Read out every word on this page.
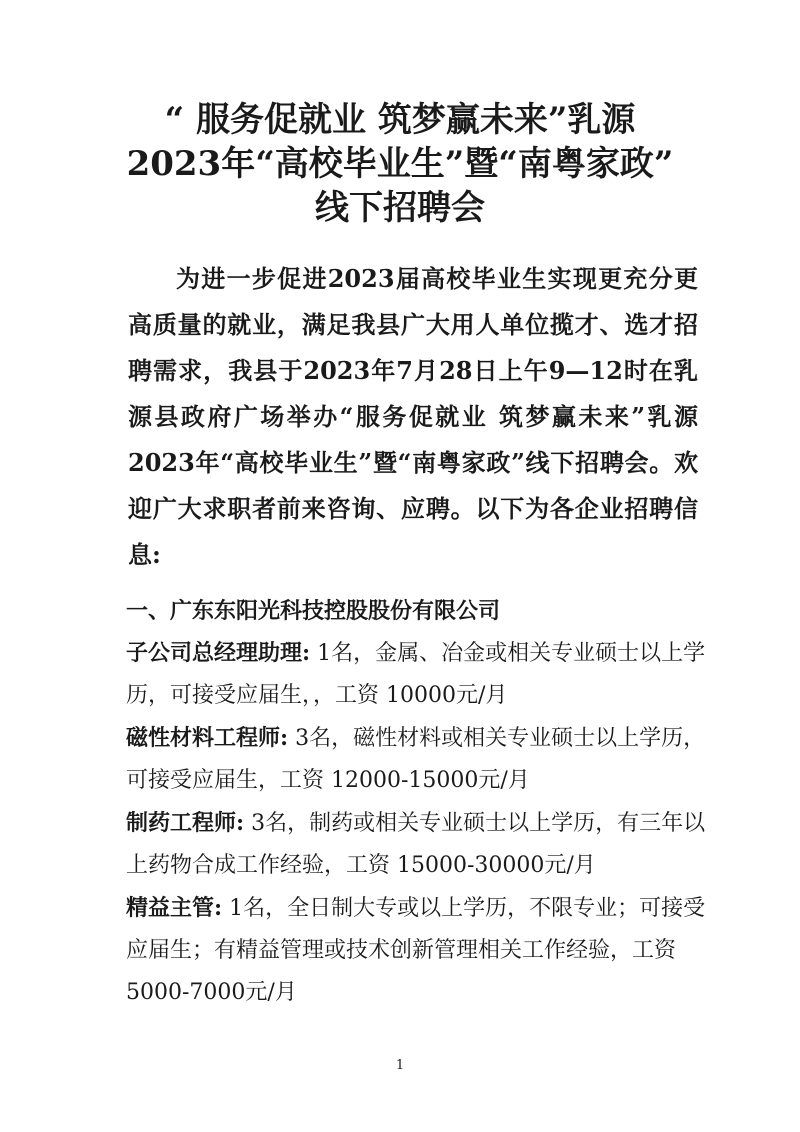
“ 服务促就业 筑梦赢未来”乳源
2023年“高校毕业生”暨“南粤家政”
线下招聘会

为进一步促进2023届高校毕业生实现更充分更高质量的就业，满足我县广大用人单位揽才、选才招聘需求，我县于2023年7月28日上午9—12时在乳源县政府广场举办“服务促就业 筑梦赢未来”乳源2023年“高校毕业生”暨“南粤家政”线下招聘会。欢迎广大求职者前来咨询、应聘。以下为各企业招聘信息:

一、广东东阳光科技控股股份有限公司
子公司总经理助理: 1名，金属、冶金或相关专业硕士以上学历，可接受应届生，，工资 10000元/月
磁性材料工程师: 3名，磁性材料或相关专业硕士以上学历，可接受应届生，工资 12000-15000元/月
制药工程师: 3名，制药或相关专业硕士以上学历，有三年以上药物合成工作经验，工资 15000-30000元/月
精益主管: 1名，全日制大专或以上学历，不限专业；可接受应届生；有精益管理或技术创新管理相关工作经验，工资 5000-7000元/月
1
